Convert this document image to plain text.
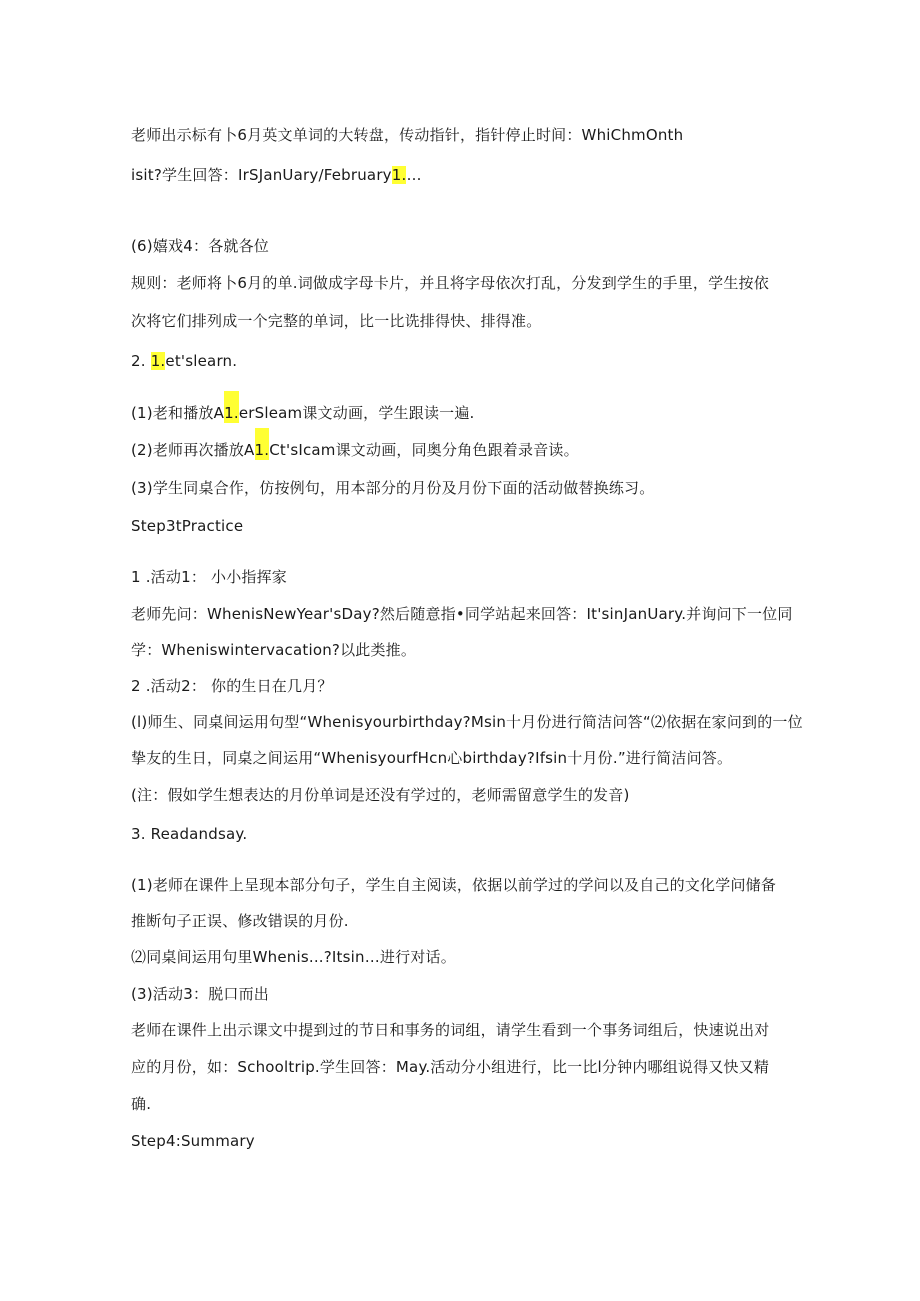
老师出示标有卜6月英文单词的大转盘，传动指针，指针停止时间：WhiChmOnth
isit?学生回答：IrSJanUary/February1.…
(6)嬉戏4：各就各位
规则：老师将卜6月的单.词做成字母卡片，并且将字母依次打乱，分发到学生的手里，学生按依
次将它们排列成一个完整的单词，比一比诜排得快、排得准。
2. 1.et'slearn.
(1)老和播放A1.erSleam课文动画，学生跟读一遍.
(2)老师再次播放A1.Ct'sIcam课文动画，同奥分角色跟着录音读。
(3)学生同桌合作，仿按例句，用本部分的月份及月份下面的活动做替换练习。
Step3tPractice
1 .活动1： 小小指挥家
老师先问：WhenisNewYear'sDay?然后随意指•同学站起来回答：It'sinJanUary.并询问下一位同
学：Wheniswintervacation?以此类推。
2 .活动2： 你的生日在几月？
(l)师生、同桌间运用句型“Whenisyourbirthday?Msin十月份进行简洁问答“⑵依据在家问到的一位
挚友的生日，同桌之间运用“WhenisyourfHcn心birthday?Ifsin十月份.”进行简洁问答。
(注：假如学生想表达的月份单词是还没有学过的，老师需留意学生的发音)
3. Readandsay.
(1)老师在课件上呈现本部分句子，学生自主阅读，依据以前学过的学问以及自己的文化学问储备
推断句子正误、修改错误的月份.
⑵同桌间运用句里Whenis...?Itsin…进行对话。
(3)活动3：脱口而出
老师在课件上出示课文中提到过的节日和事务的词组，请学生看到一个事务词组后，快速说出对
应的月份，如：Schooltrip.学生回答：May.活动分小组进行，比一比l分钟内哪组说得又快又精
确.
Step4:Summary
